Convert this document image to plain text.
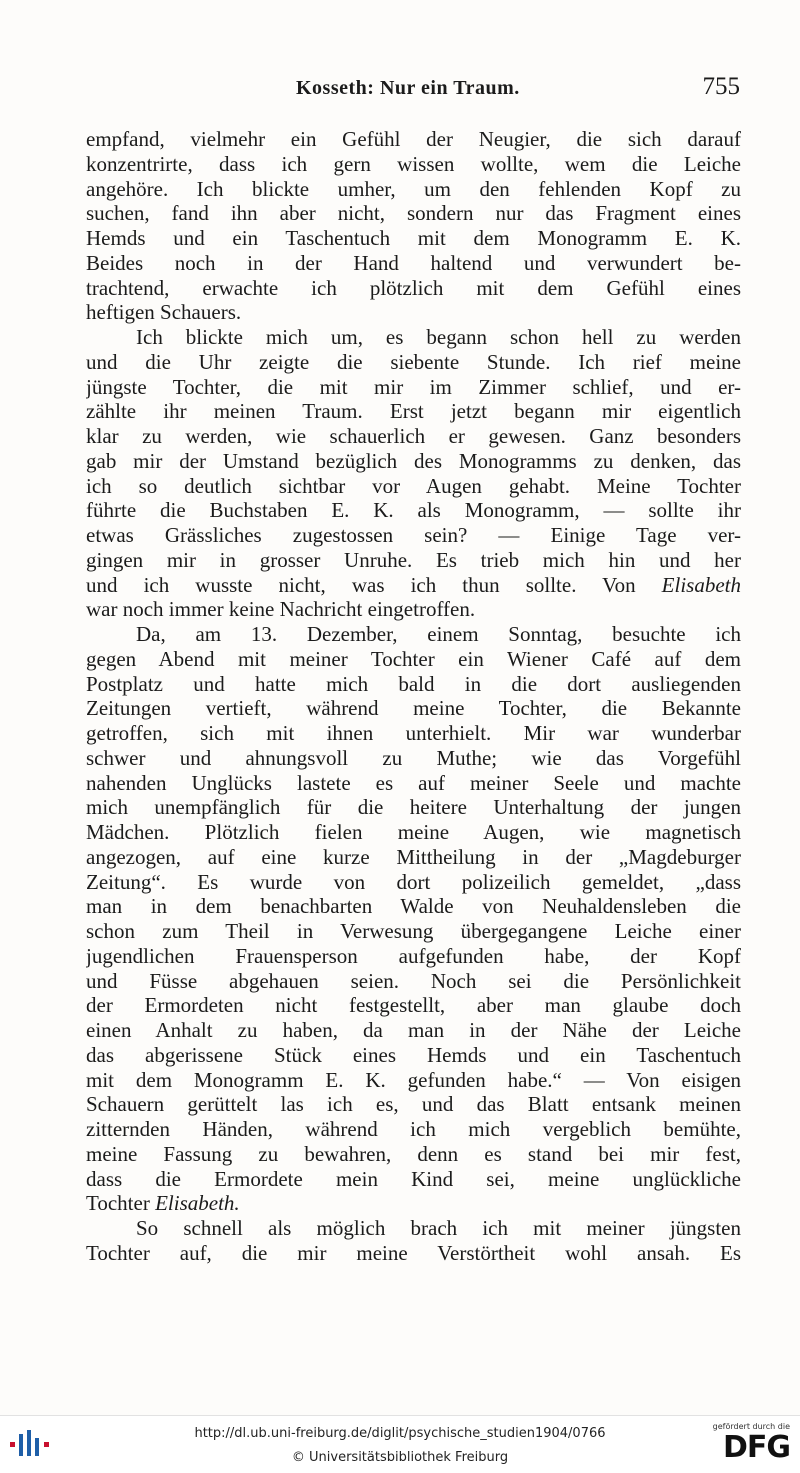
Kosseth: Nur ein Traum.	755
empfand, vielmehr ein Gefühl der Neugier, die sich darauf
konzentrirte, dass ich gern wissen wollte, wem die Leiche
angehöre. Ich blickte umher, um den fehlenden Kopf zu
suchen, fand ihn aber nicht, sondern nur das Fragment eines
Hemds und ein Taschentuch mit dem Monogramm E. K.
Beides noch in der Hand haltend und verwundert be-
trachtend, erwachte ich plötzlich mit dem Gefühl eines
heftigen Schauers.
Ich blickte mich um, es begann schon hell zu werden
und die Uhr zeigte die siebente Stunde. Ich rief meine
jüngste Tochter, die mit mir im Zimmer schlief, und er-
zählte ihr meinen Traum. Erst jetzt begann mir eigentlich
klar zu werden, wie schauerlich er gewesen. Ganz besonders
gab mir der Umstand bezüglich des Monogramms zu denken, das
ich so deutlich sichtbar vor Augen gehabt. Meine Tochter
führte die Buchstaben E. K. als Monogramm, — sollte ihr
etwas Grässliches zugestossen sein? — Einige Tage ver-
gingen mir in grosser Unruhe. Es trieb mich hin und her
und ich wusste nicht, was ich thun sollte. Von Elisabeth
war noch immer keine Nachricht eingetroffen.
Da, am 13. Dezember, einem Sonntag, besuchte ich
gegen Abend mit meiner Tochter ein Wiener Café auf dem
Postplatz und hatte mich bald in die dort ausliegenden
Zeitungen vertieft, während meine Tochter, die Bekannte
getroffen, sich mit ihnen unterhielt. Mir war wunderbar
schwer und ahnungsvoll zu Muthe; wie das Vorgefühl
nahenden Unglücks lastete es auf meiner Seele und machte
mich unempfänglich für die heitere Unterhaltung der jungen
Mädchen. Plötzlich fielen meine Augen, wie magnetisch
angezogen, auf eine kurze Mittheilung in der „Magdeburger
Zeitung“. Es wurde von dort polizeilich gemeldet, „dass
man in dem benachbarten Walde von Neuhaldensleben die
schon zum Theil in Verwesung übergegangene Leiche einer
jugendlichen Frauensperson aufgefunden habe, der Kopf
und Füsse abgehauen seien. Noch sei die Persönlichkeit
der Ermordeten nicht festgestellt, aber man glaube doch
einen Anhalt zu haben, da man in der Nähe der Leiche
das abgerissene Stück eines Hemds und ein Taschentuch
mit dem Monogramm E. K. gefunden habe.“ — Von eisigen
Schauern gerüttelt las ich es, und das Blatt entsank meinen
zitternden Händen, während ich mich vergeblich bemühte,
meine Fassung zu bewahren, denn es stand bei mir fest,
dass die Ermordete mein Kind sei, meine unglückliche
Tochter Elisabeth.
So schnell als möglich brach ich mit meiner jüngsten
Tochter auf, die mir meine Verstörtheit wohl ansah. Es
http://dl.ub.uni-freiburg.de/diglit/psychische_studien1904/0766
© Universitätsbibliothek Freiburg
gefördert durch die
DFG
